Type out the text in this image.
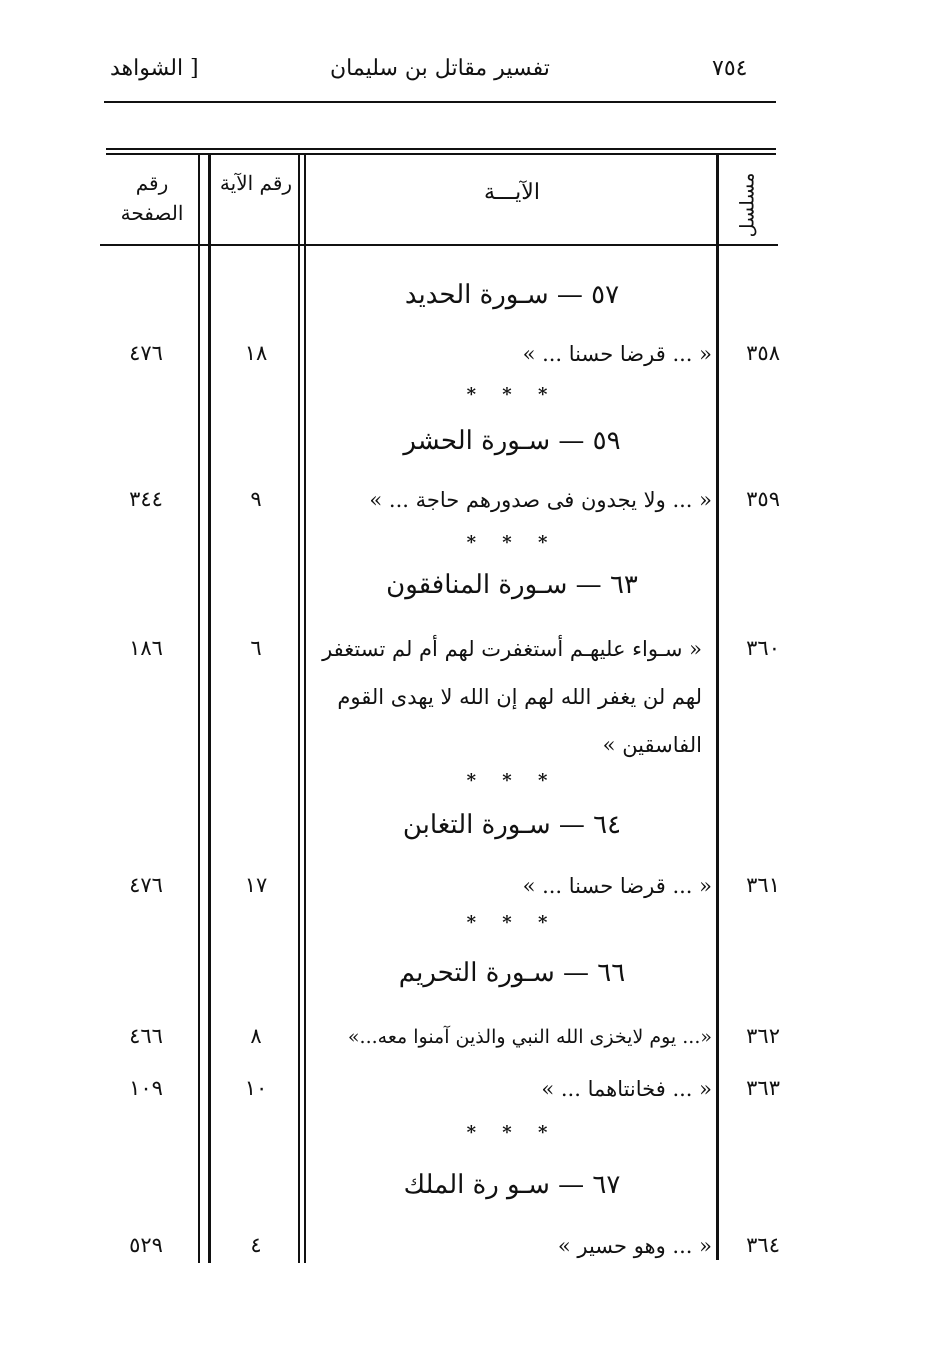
٧٥٤
تفسير مقاتل بن سليمان
[ الشواهد
مسلسل
الآيـــة
رقم الآية
رقم الصفحة
٥٧ — سـورة الحديد
٣٥٨
« ... قرضا حسنا ... »
١٨
٤٧٦
* * *
٥٩ — سـورة الحشر
٣٥٩
« ... ولا يجدون فى صدورهم حاجة ... »
٩
٣٤٤
* * *
٦٣ — سـورة المنافقون
٣٦٠
« سـواء عليهـم أستغفرت لهم أم لم تستغفر لهم لن يغفر الله لهم إن الله لا يهدى القوم الفاسقين »
٦
١٨٦
* * *
٦٤ — سـورة التغابن
٣٦١
« ... قرضا حسنا ... »
١٧
٤٧٦
* * *
٦٦ — سـورة التحريم
٣٦٢
«... يوم لايخزى الله النبي والذين آمنوا معه...»
٨
٤٦٦
٣٦٣
« ... فخانتاهما ... »
١٠
١٠٩
* * *
٦٧ — سـو رة الملك
٣٦٤
« ... وهو حسير »
٤
٥٢٩
